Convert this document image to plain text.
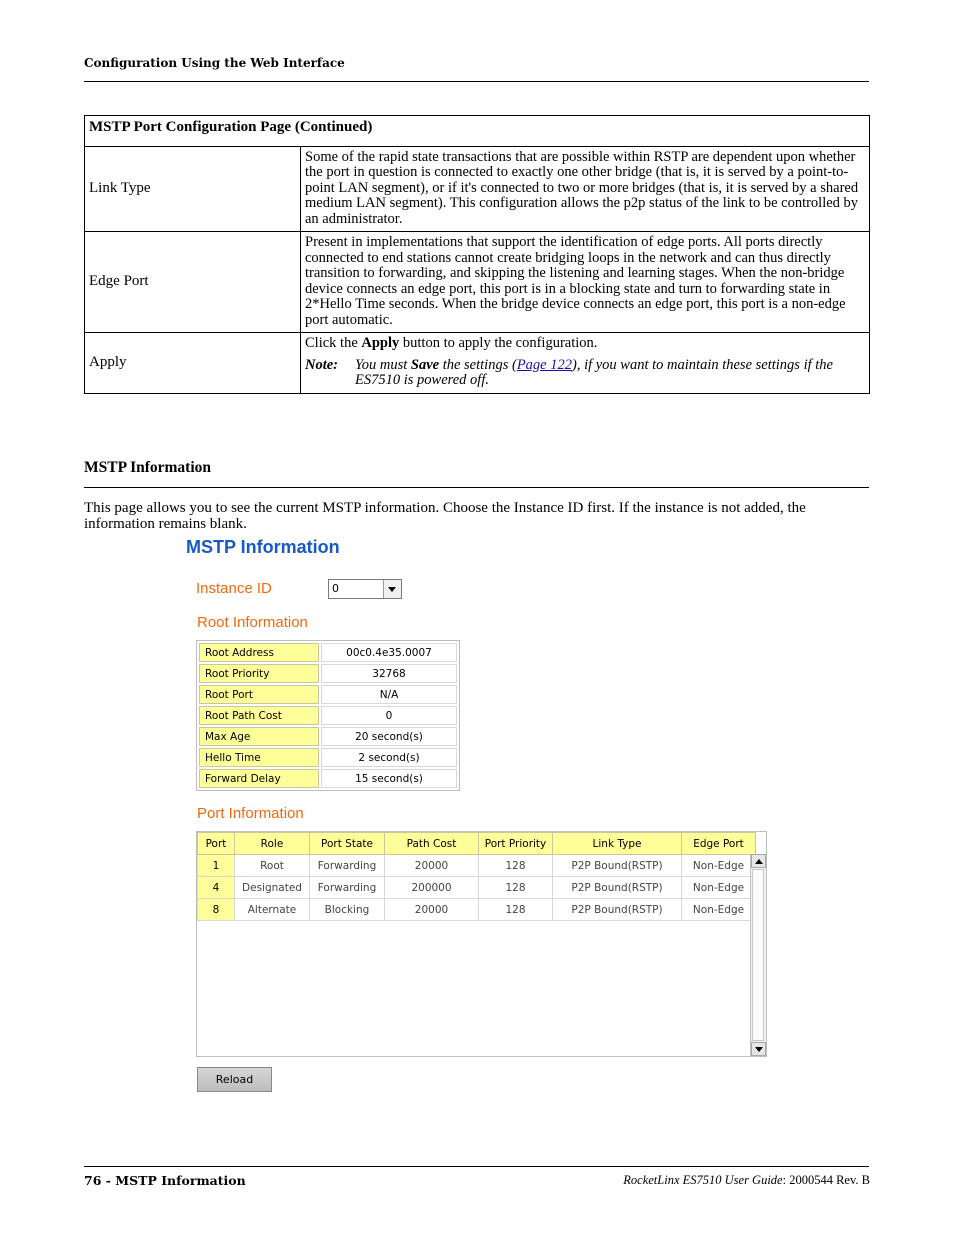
Configuration Using the Web Interface
MSTP Port Configuration Page (Continued)	
Link Type	Some of the rapid state transactions that are possible within RSTP are dependent upon whether the port in question is connected to exactly one other bridge (that is, it is served by a point-to-point LAN segment), or if it's connected to two or more bridges (that is, it is served by a shared medium LAN segment). This configuration allows the p2p status of the link to be controlled by an administrator.
Edge Port	Present in implementations that support the identification of edge ports. All ports directly connected to end stations cannot create bridging loops in the network and can thus directly transition to forwarding, and skipping the listening and learning stages. When the non-bridge device connects an edge port, this port is in a blocking state and turn to forwarding state in 2*Hello Time seconds. When the bridge device connects an edge port, this port is a non-edge port automatic.
Apply	Click the Apply button to apply the configuration.
Note: You must Save the settings (Page 122), if you want to maintain these settings if the ES7510 is powered off.
MSTP Information
This page allows you to see the current MSTP information. Choose the Instance ID first. If the instance is not added, the information remains blank.
MSTP Information
Instance ID	0
Root Information
Root Address	00c0.4e35.0007
Root Priority	32768
Root Port	N/A
Root Path Cost	0
Max Age	20 second(s)
Hello Time	2 second(s)
Forward Delay	15 second(s)
Port Information
Port	Role	Port State	Path Cost	Port Priority	Link Type	Edge Port
1	Root	Forwarding	20000	128	P2P Bound(RSTP)	Non-Edge
4	Designated	Forwarding	200000	128	P2P Bound(RSTP)	Non-Edge
8	Alternate	Blocking	20000	128	P2P Bound(RSTP)	Non-Edge
Reload
76 - MSTP Information	RocketLinx ES7510 User Guide: 2000544 Rev. B
